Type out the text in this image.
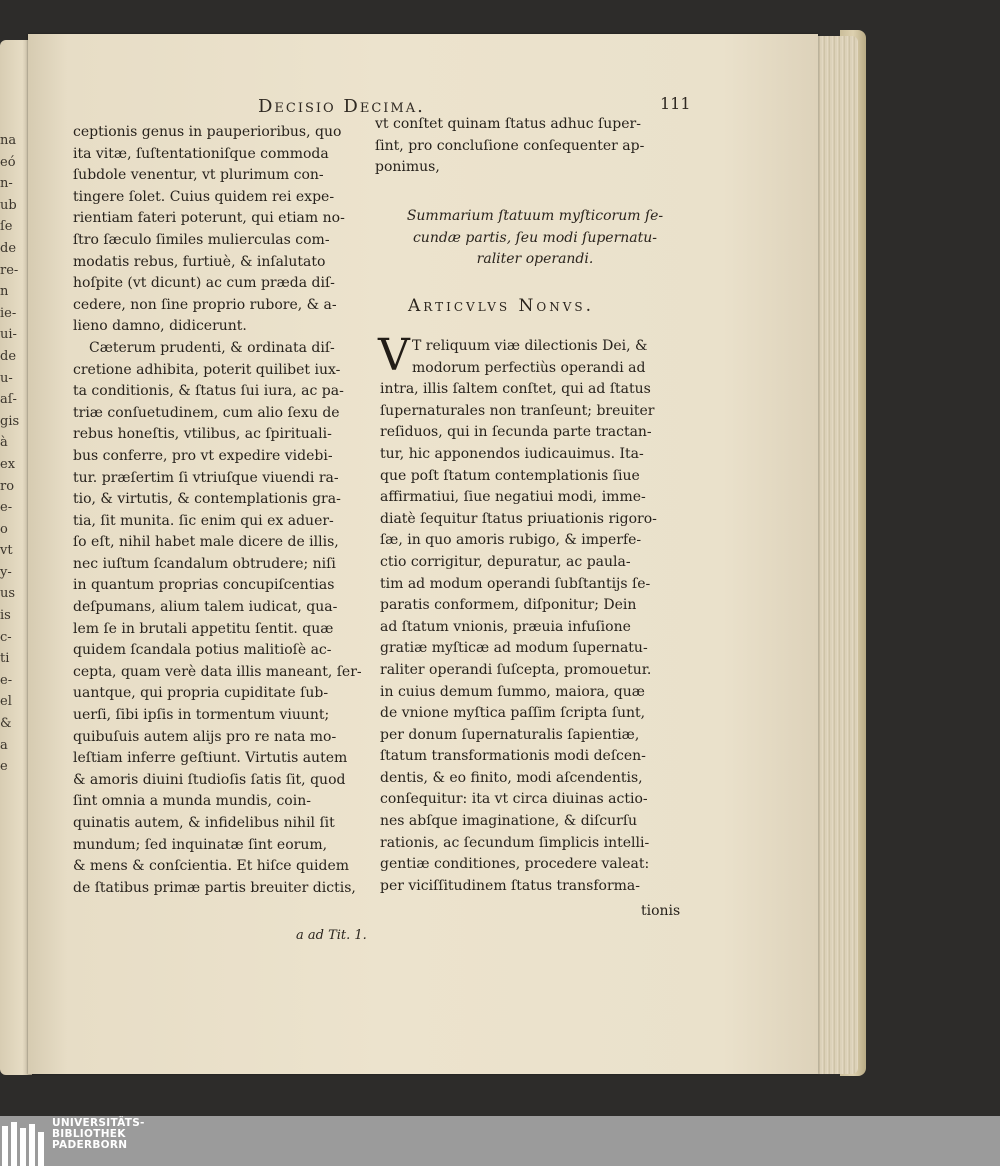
na
eó
n-
ub
ſe
de
re-
n
ie-
ui-
de
u-
aſ-
gis
à
ex
ro
e-
o
vt
y-
us
is
c-
ti
e-
el
&
a
e
Decisio Decima.	111
ceptionis genus in pauperioribus, quo
ita vitæ, ſuſtentationiſque commoda
ſubdole venentur, vt plurimum con-
tingere ſolet. Cuius quidem rei expe-
rientiam fateri poterunt, qui etiam no-
ſtro ſæculo ſimiles mulierculas com-
modatis rebus, furtiuè, & inſalutato
hoſpite (vt dicunt) ac cum præda diſ-
cedere, non ſine proprio rubore, & a-
lieno damno, didicerunt.
Cæterum prudenti, & ordinata diſ-
cretione adhibita, poterit quilibet iux-
ta conditionis, & ſtatus ſui iura, ac pa-
triæ conſuetudinem, cum alio ſexu de
rebus honeſtis, vtilibus, ac ſpirituali-
bus conferre, pro vt expedire videbi-
tur. præſertim ſi vtriuſque viuendi ra-
tio, & virtutis, & contemplationis gra-
tia, ſit munita. ſic enim qui ex aduer-
ſo eſt, nihil habet male dicere de illis,
nec iuſtum ſcandalum obtrudere; niſi
in quantum proprias concupiſcentias
deſpumans, alium talem iudicat, qua-
lem ſe in brutali appetitu ſentit. quæ
quidem ſcandala potius malitioſè ac-
cepta, quam verè data illis maneant, ſer-
uantque, qui propria cupiditate ſub-
uerſi, ſibi ipſis in tormentum viuunt;
quibuſuis autem alijs pro re nata mo-
leſtiam inferre geſtiunt. Virtutis autem
& amoris diuini ſtudioſis ſatis ſit, quod
ſint omnia a munda mundis, coin-
quinatis autem, & infidelibus nihil ſit
mundum; ſed inquinatæ ſint eorum,
& mens & conſcientia. Et hiſce quidem
de ſtatibus primæ partis breuiter dictis,
vt conſtet quinam ſtatus adhuc ſuper-
ſint, pro concluſione conſequenter ap-
ponimus,
Summarium ſtatuum myſticorum ſe-
cundæ partis, ſeu modi ſupernatu-
raliter operandi.
Articvlvs Nonvs.
V T reliquum viæ dilectionis Dei, &
modorum perfectiùs operandi ad
intra, illis ſaltem conſtet, qui ad ſtatus
ſupernaturales non tranſeunt; breuiter
reſiduos, qui in ſecunda parte tractan-
tur, hic apponendos iudicauimus. Ita-
que poſt ſtatum contemplationis ſiue
affirmatiui, ſiue negatiui modi, imme-
diatè ſequitur ſtatus priuationis rigoro-
ſæ, in quo amoris rubigo, & imperfe-
ctio corrigitur, depuratur, ac paula-
tim ad modum operandi ſubſtantijs ſe-
paratis conformem, diſponitur; Dein
ad ſtatum vnionis, præuia infuſione
gratiæ myſticæ ad modum ſupernatu-
raliter operandi ſuſcepta, promouetur.
in cuius demum ſummo, maiora, quæ
de vnione myſtica paſſim ſcripta ſunt,
per donum ſupernaturalis ſapientiæ,
ſtatum transformationis modi deſcen-
dentis, & eo finito, modi aſcendentis,
conſequitur: ita vt circa diuinas actio-
nes abſque imaginatione, & diſcurſu
rationis, ac ſecundum ſimplicis intelli-
gentiæ conditiones, procedere valeat:
per viciſſitudinem ſtatus transforma-
tionis
a ad Tit. 1.
UNIVERSITÄTS-
BIBLIOTHEK
PADERBORN
